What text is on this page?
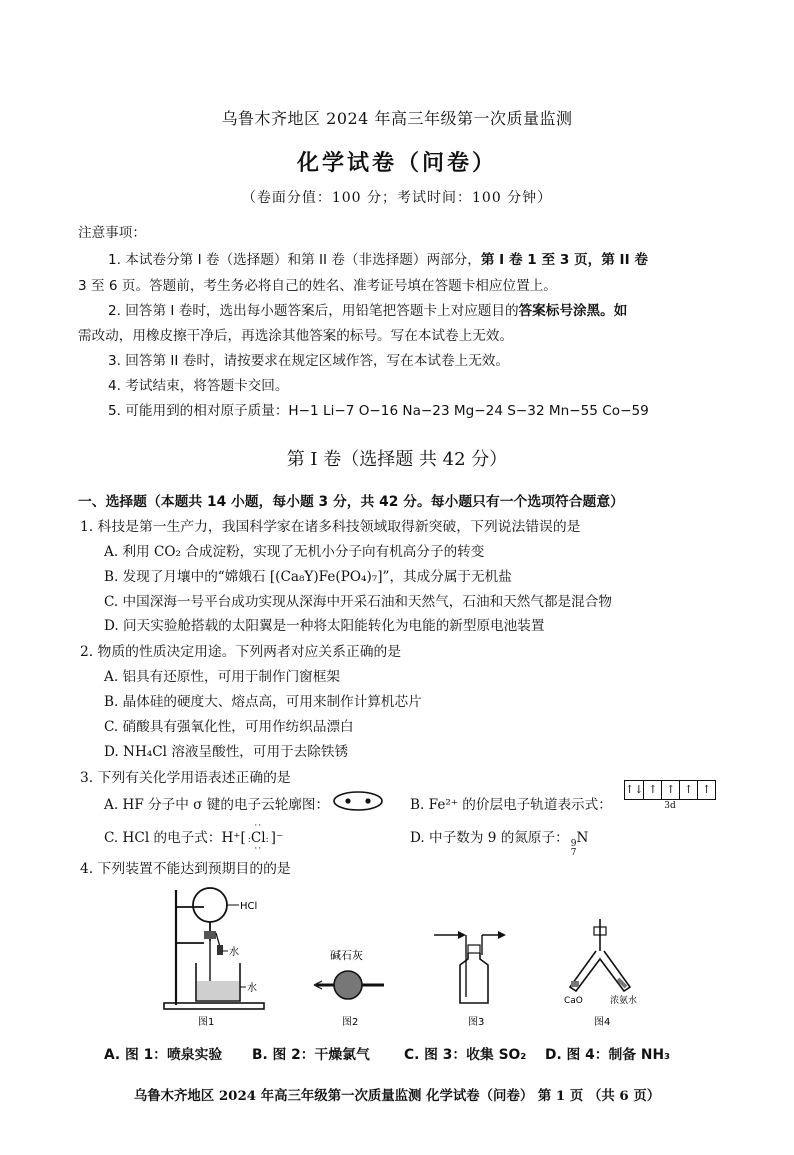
乌鲁木齐地区 2024 年高三年级第一次质量监测
化学试卷（问卷）
（卷面分值：100 分；考试时间：100 分钟）
注意事项：
1. 本试卷分第 I 卷（选择题）和第 II 卷（非选择题）两部分，第 I 卷 1 至 3 页，第 II 卷
3 至 6 页。答题前，考生务必将自己的姓名、准考证号填在答题卡相应位置上。
2. 回答第 I 卷时，选出每小题答案后，用铅笔把答题卡上对应题目的答案标号涂黑。如
需改动，用橡皮擦干净后，再选涂其他答案的标号。写在本试卷上无效。
3. 回答第 II 卷时，请按要求在规定区域作答，写在本试卷上无效。
4. 考试结束，将答题卡交回。
5. 可能用到的相对原子质量：H−1 Li−7 O−16 Na−23 Mg−24 S−32 Mn−55 Co−59
第 I 卷（选择题 共 42 分）
一、选择题（本题共 14 小题，每小题 3 分，共 42 分。每小题只有一个选项符合题意）
1. 科技是第一生产力，我国科学家在诸多科技领域取得新突破，下列说法错误的是
A. 利用 CO₂ 合成淀粉，实现了无机小分子向有机高分子的转变
B. 发现了月壤中的“嫦娥石 [(Ca₈Y)Fe(PO₄)₇]”，其成分属于无机盐
C. 中国深海一号平台成功实现从深海中开采石油和天然气，石油和天然气都是混合物
D. 问天实验舱搭载的太阳翼是一种将太阳能转化为电能的新型原电池装置
2. 物质的性质决定用途。下列两者对应关系正确的是
A. 铝具有还原性，可用于制作门窗框架
B. 晶体硅的硬度大、熔点高，可用来制作计算机芯片
C. 硝酸具有强氧化性，可用作纺织品漂白
D. NH₄Cl 溶液呈酸性，可用于去除铁锈
3. 下列有关化学用语表述正确的是
A. HF 分子中 σ 键的电子云轮廓图：	B. Fe²⁺ 的价层电子轨道表示式：
↑↓ ↑ ↑ ↑ ↑
3d
C. HCl 的电子式：H⁺[
··
··
:Cl: ]⁻	D. 中子数为 9 的氮原子： 9
7
N
4. 下列装置不能达到预期目的的是
HCl
水
水
图1
碱石灰
图2	图3
CaO	浓氨水
图4
A. 图 1：喷泉实验 B. 图 2：干燥氯气 C. 图 3：收集 SO₂ D. 图 4：制备 NH₃
乌鲁木齐地区 2024 年高三年级第一次质量监测 化学试卷（问卷） 第 1 页 （共 6 页）
